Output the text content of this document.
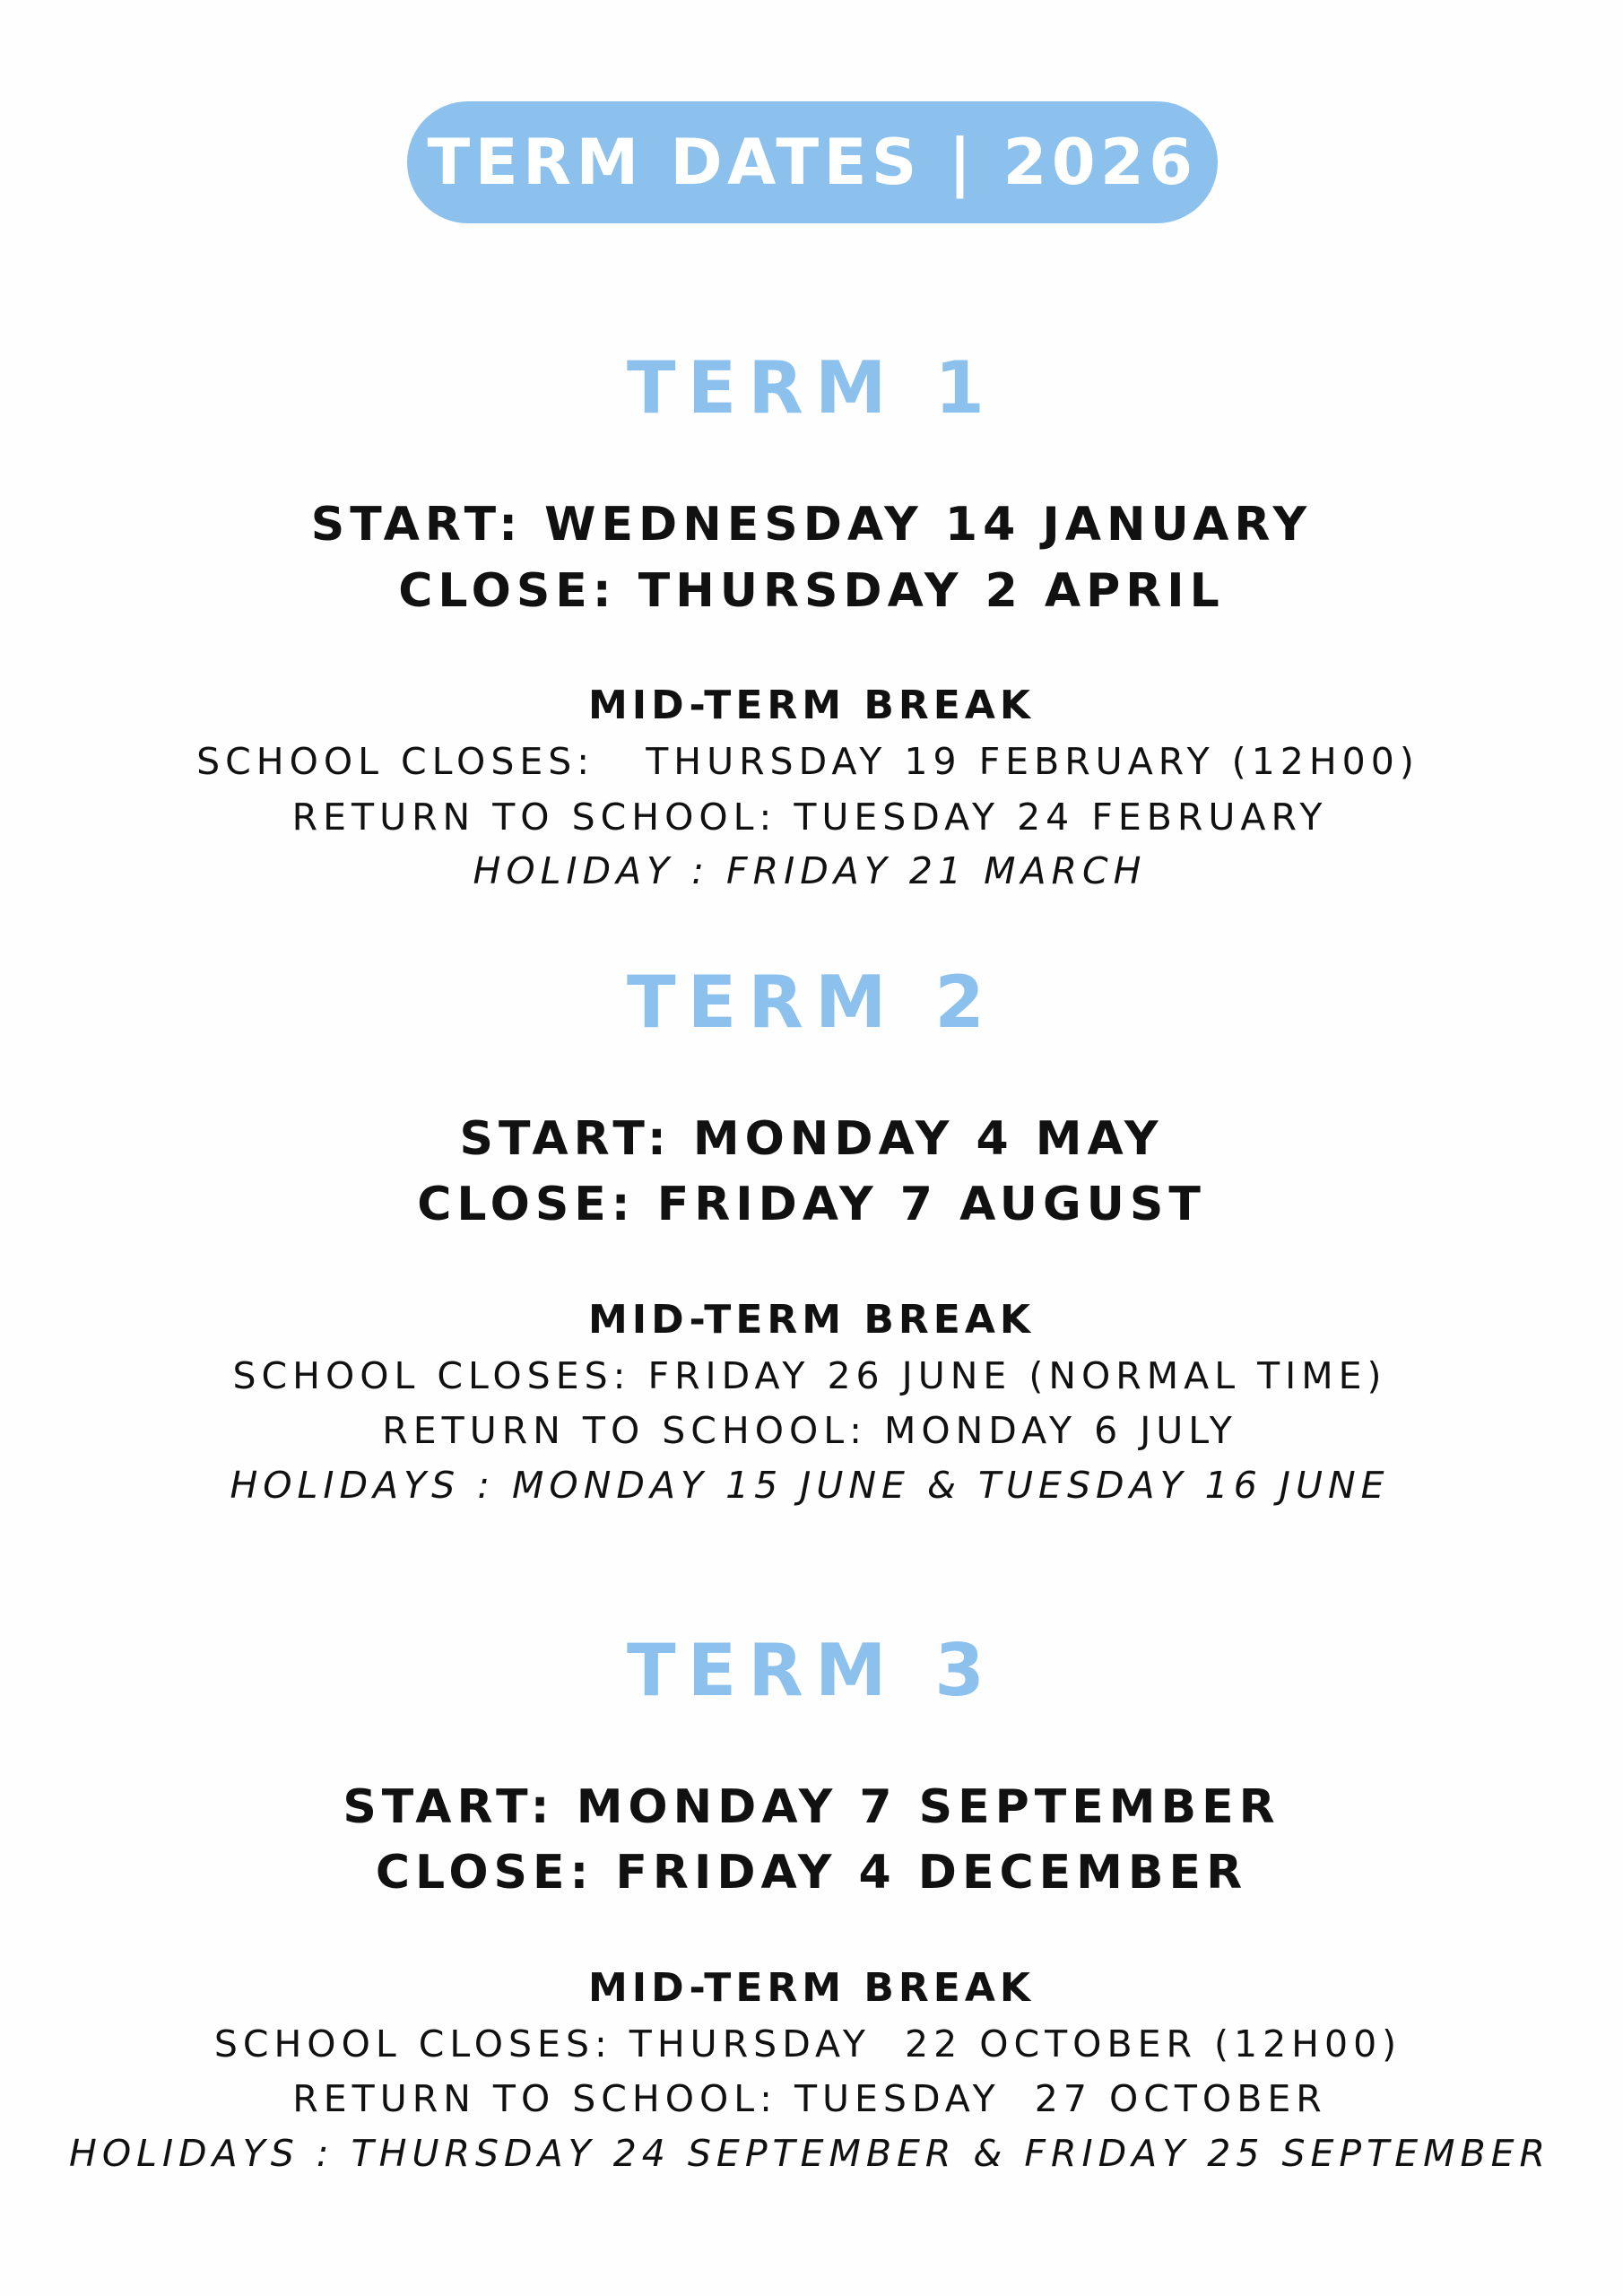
TERM DATES | 2026
TERM 1
START: WEDNESDAY 14 JANUARY
CLOSE: THURSDAY 2 APRIL
MID-TERM BREAK
SCHOOL CLOSES:   THURSDAY 19 FEBRUARY (12H00)
RETURN TO SCHOOL: TUESDAY 24 FEBRUARY
HOLIDAY : FRIDAY 21 MARCH
TERM 2
START: MONDAY 4 MAY
CLOSE: FRIDAY 7 AUGUST
MID-TERM BREAK
SCHOOL CLOSES: FRIDAY 26 JUNE (NORMAL TIME)
RETURN TO SCHOOL: MONDAY 6 JULY
HOLIDAYS : MONDAY 15 JUNE & TUESDAY 16 JUNE
TERM 3
START: MONDAY 7 SEPTEMBER
CLOSE: FRIDAY 4 DECEMBER
MID-TERM BREAK
SCHOOL CLOSES: THURSDAY  22 OCTOBER (12H00)
RETURN TO SCHOOL: TUESDAY  27 OCTOBER
HOLIDAYS : THURSDAY 24 SEPTEMBER & FRIDAY 25 SEPTEMBER
